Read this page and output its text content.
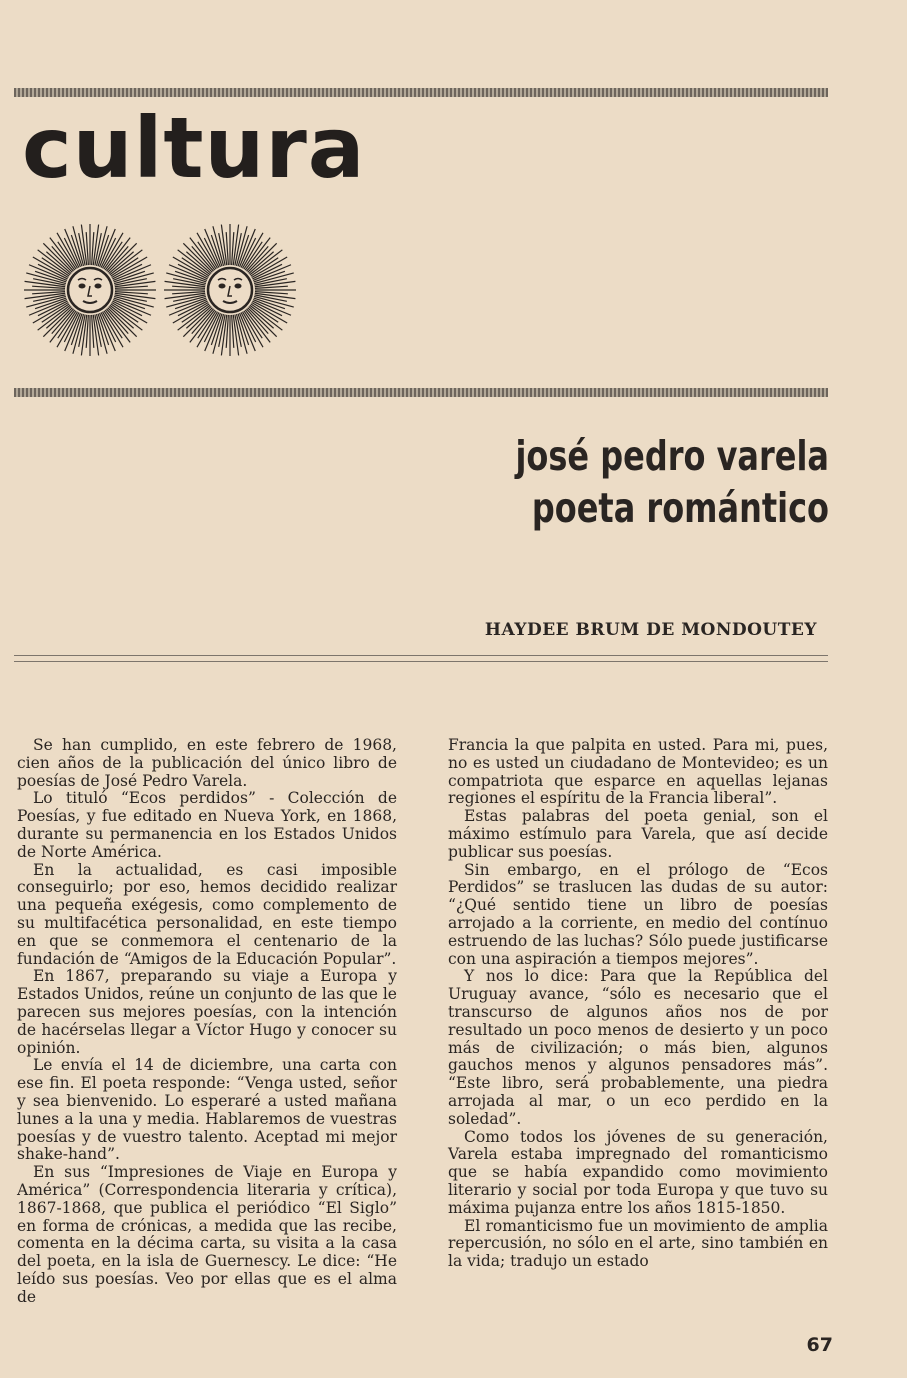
cultura
josé pedro varela
poeta romántico

HAYDEE BRUM DE MONDOUTEY

Se han cumplido, en este febrero de 1968, cien años de la publicación del único libro de poesías de José Pedro Varela.

Lo tituló “Ecos perdidos” - Colección de Poesías, y fue editado en Nueva York, en 1868, durante su permanencia en los Estados Unidos de Norte América.

En la actualidad, es casi imposible conseguirlo; por eso, hemos decidido realizar una pequeña exégesis, como complemento de su multifacética personalidad, en este tiempo en que se conmemora el centenario de la fundación de “Amigos de la Educación Popular”.

En 1867, preparando su viaje a Europa y Estados Unidos, reúne un conjunto de las que le parecen sus mejores poesías, con la intención de hacérselas llegar a Víctor Hugo y conocer su opinión.

Le envía el 14 de diciembre, una carta con ese fin. El poeta responde: “Venga usted, señor y sea bienvenido. Lo esperaré a usted mañana lunes a la una y media. Hablaremos de vuestras poesías y de vuestro talento. Aceptad mi mejor shake-hand”.

En sus “Impresiones de Viaje en Europa y América” (Correspondencia literaria y crítica), 1867-1868, que publica el periódico “El Siglo” en forma de crónicas, a medida que las recibe, comenta en la décima carta, su visita a la casa del poeta, en la isla de Guernescy. Le dice: “He leído sus poesías. Veo por ellas que es el alma de

Francia la que palpita en usted. Para mi, pues, no es usted un ciudadano de Montevideo; es un compatriota que esparce en aquellas lejanas regiones el espíritu de la Francia liberal”.

Estas palabras del poeta genial, son el máximo estímulo para Varela, que así decide publicar sus poesías.

Sin embargo, en el prólogo de “Ecos Perdidos” se traslucen las dudas de su autor: “¿Qué sentido tiene un libro de poesías arrojado a la corriente, en medio del contínuo estruendo de las luchas? Sólo puede justificarse con una aspiración a tiempos mejores”.

Y nos lo dice: Para que la República del Uruguay avance, “sólo es necesario que el transcurso de algunos años nos de por resultado un poco menos de desierto y un poco más de civilización; o más bien, algunos gauchos menos y algunos pensadores más”. “Este libro, será probablemente, una piedra arrojada al mar, o un eco perdido en la soledad”.

Como todos los jóvenes de su generación, Varela estaba impregnado del romanticismo que se había expandido como movimiento literario y social por toda Europa y que tuvo su máxima pujanza entre los años 1815-1850.

El romanticismo fue un movimiento de amplia repercusión, no sólo en el arte, sino también en la vida; tradujo un estado

67
